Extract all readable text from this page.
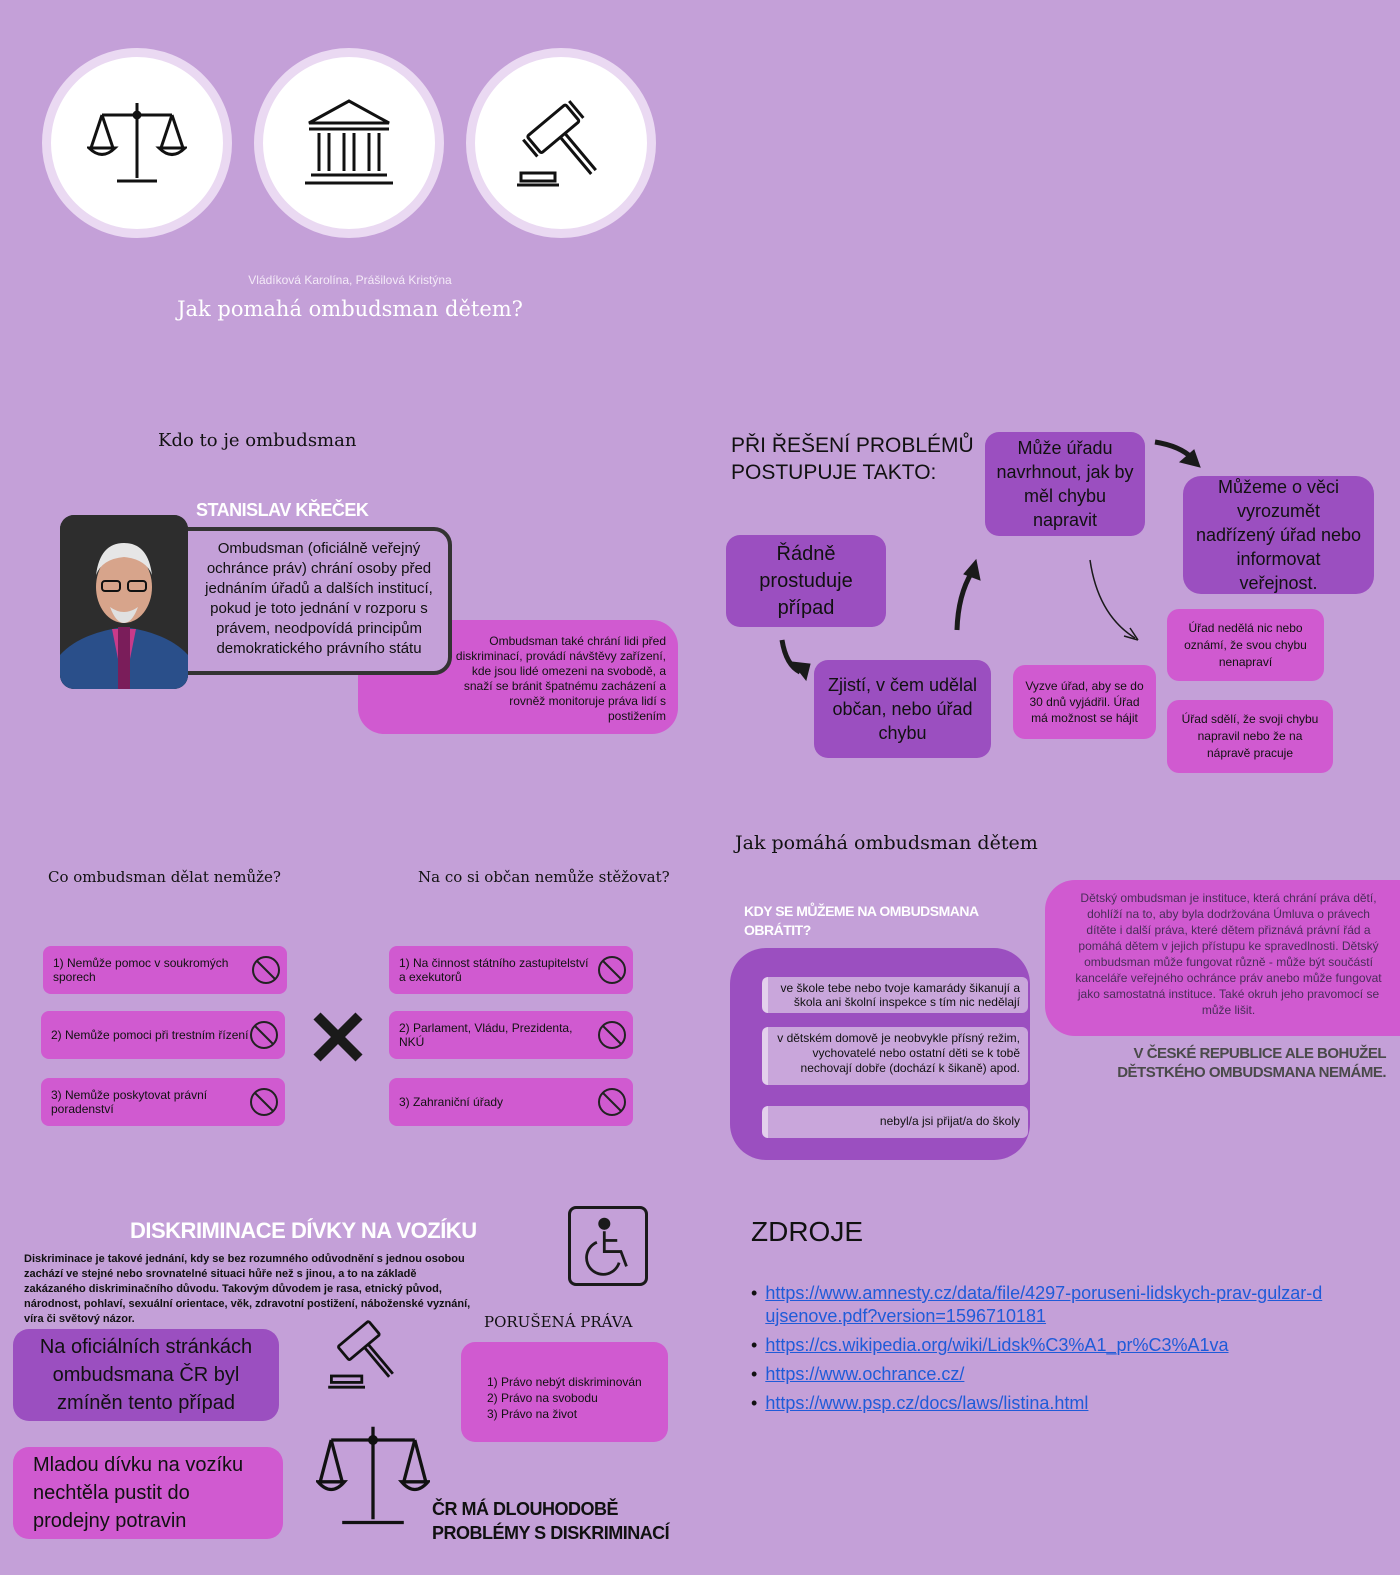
Vládíková Karolína, Prášilová Kristýna
Jak pomahá ombudsman dětem?
Kdo to je ombudsman
STANISLAV KŘEČEK
Ombudsman také chrání lidi před diskriminací, provádí návštěvy zařízení, kde jsou lidé omezeni na svobodě, a snaží se bránit špatnému zacházení a rovněž monitoruje práva lidí s postižením
Ombudsman (oficiálně veřejný ochránce práv) chrání osoby před jednáním úřadů a dalších institucí, pokud je toto jednání v rozporu s právem, neodpovídá principům demokratického právního státu
PŘI ŘEŠENÍ PROBLÉMŮ POSTUPUJE TAKTO:
Řádně prostuduje případ
Zjistí, v čem udělal občan, nebo úřad chybu
Může úřadu navrhnout, jak by měl chybu napravit
Můžeme o věci vyrozumět nadřízený úřad nebo informovat veřejnost.
Vyzve úřad, aby se do 30 dnů vyjádřil. Úřad má možnost se hájit
Úřad nedělá nic nebo oznámí, že svou chybu nenapraví
Úřad sdělí, že svoji chybu napravil nebo že na nápravě pracuje
Co ombudsman dělat nemůže?	Na co si občan nemůže stěžovat?
1) Nemůže pomoc v soukromých sporech
2) Nemůže pomoci při trestním řízení
3) Nemůže poskytovat právní poradenství
1) Na činnost státního zastupitelství a exekutorů
2) Parlament, Vládu, Prezidenta, NKÚ
3) Zahraniční úřady
Jak pomáhá ombudsman dětem
KDY SE MŮŽEME NA OMBUDSMANA OBRÁTIT?
ve škole tebe nebo tvoje kamarády šikanují a škola ani školní inspekce s tím nic nedělají
v dětském domově je neobvykle přísný režim, vychovatelé nebo ostatní děti se k tobě nechovají dobře (dochází k šikaně) apod.
nebyl/a jsi přijat/a do školy
Dětský ombudsman je instituce, která chrání práva dětí, dohlíží na to, aby byla dodržována Úmluva o právech dítěte i další práva, které dětem přiznává právní řád a pomáhá dětem v jejich přístupu ke spravedlnosti. Dětský ombudsman může fungovat různě - může být součástí kanceláře veřejného ochránce práv anebo může fungovat jako samostatná instituce. Také okruh jeho pravomocí se může lišit.
V ČESKÉ REPUBLICE ALE BOHUŽEL DĚTSTKÉHO OMBUDSMANA NEMÁME.
DISKRIMINACE DÍVKY NA VOZÍKU
Diskriminace je takové jednání, kdy se bez rozumného odůvodnění s jednou osobou zachází ve stejné nebo srovnatelné situaci hůře než s jinou, a to na základě zakázaného diskriminačního důvodu. Takovým důvodem je rasa, etnický původ, národnost, pohlaví, sexuální orientace, věk, zdravotní postižení, náboženské vyznání, víra či světový názor.
Na oficiálních stránkách ombudsmana ČR byl zmíněn tento případ
Mladou dívku na vozíku nechtěla pustit do prodejny potravin
PORUŠENÁ PRÁVA
1) Právo nebýt diskriminován
2) Právo na svobodu
3) Právo na život
ČR MÁ DLOUHODOBĚ PROBLÉMY S DISKRIMINACÍ
ZDROJE
• https://www.amnesty.cz/data/file/4297-poruseni-lidskych-prav-gulzar-dujsenove.pdf?version=1596710181
• https://cs.wikipedia.org/wiki/Lidsk%C3%A1_pr%C3%A1va
• https://www.ochrance.cz/
• https://www.psp.cz/docs/laws/listina.html
